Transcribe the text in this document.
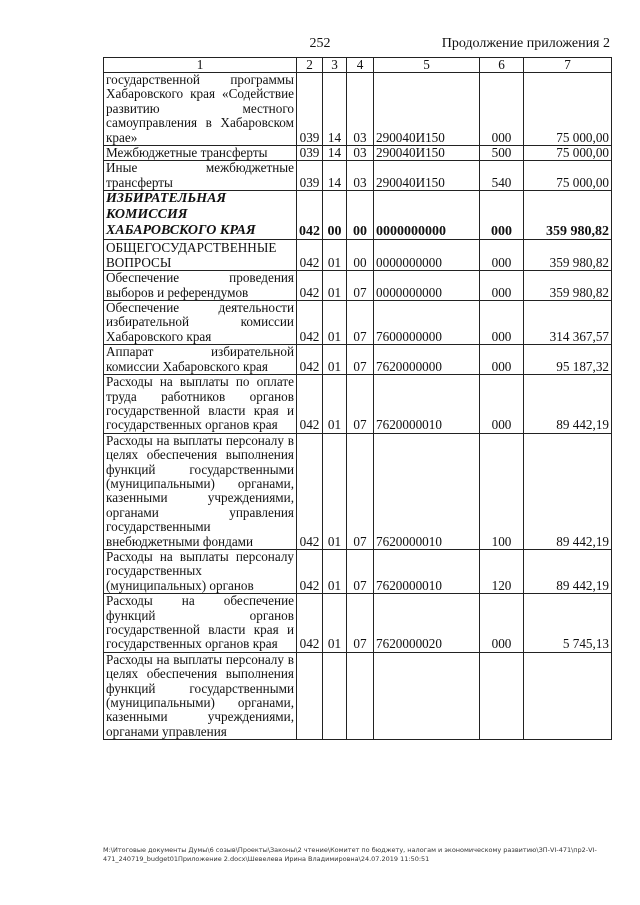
252	Продолжение приложения 2
1	2	3	4	5	6	7
государственной программы Хабаровского края «Содействие развитию местного самоуправления в Хабаровском крае»	039	14	03	290040И150	000	75 000,00
Межбюджетные трансферты	039	14	03	290040И150	500	75 000,00
Иные межбюджетные трансферты	039	14	03	290040И150	540	75 000,00
ИЗБИРАТЕЛЬНАЯ КОМИССИЯ ХАБАРОВСКОГО КРАЯ	042	00	00	0000000000	000	359 980,82
ОБЩЕГОСУДАРСТВЕННЫЕ ВОПРОСЫ	042	01	00	0000000000	000	359 980,82
Обеспечение проведения выборов и референдумов	042	01	07	0000000000	000	359 980,82
Обеспечение деятельности избирательной комиссии Хабаровского края	042	01	07	7600000000	000	314 367,57
Аппарат избирательной комиссии Хабаровского края	042	01	07	7620000000	000	95 187,32
Расходы на выплаты по оплате труда работников органов государственной власти края и государственных органов края	042	01	07	7620000010	000	89 442,19
Расходы на выплаты персоналу в целях обеспечения выполнения функций государственными (муниципальными) органами, казенными учреждениями, органами управления государственными внебюджетными фондами	042	01	07	7620000010	100	89 442,19
Расходы на выплаты персоналу государственных (муниципальных) органов	042	01	07	7620000010	120	89 442,19
Расходы на обеспечение функций органов государственной власти края и государственных органов края	042	01	07	7620000020	000	5 745,13
Расходы на выплаты персоналу в целях обеспечения выполнения функций государственными (муниципальными) органами, казенными учреждениями, органами управления						
М:\Итоговые документы Думы\6 созыв\Проекты\Законы\2 чтение\Комитет по бюджету, налогам и экономическому развитию\ЗП-VI-471\пр2-VI-
471_240719_budget01Приложение 2.docx\Шевелева Ирина Владимировна\24.07.2019 11:50:51
